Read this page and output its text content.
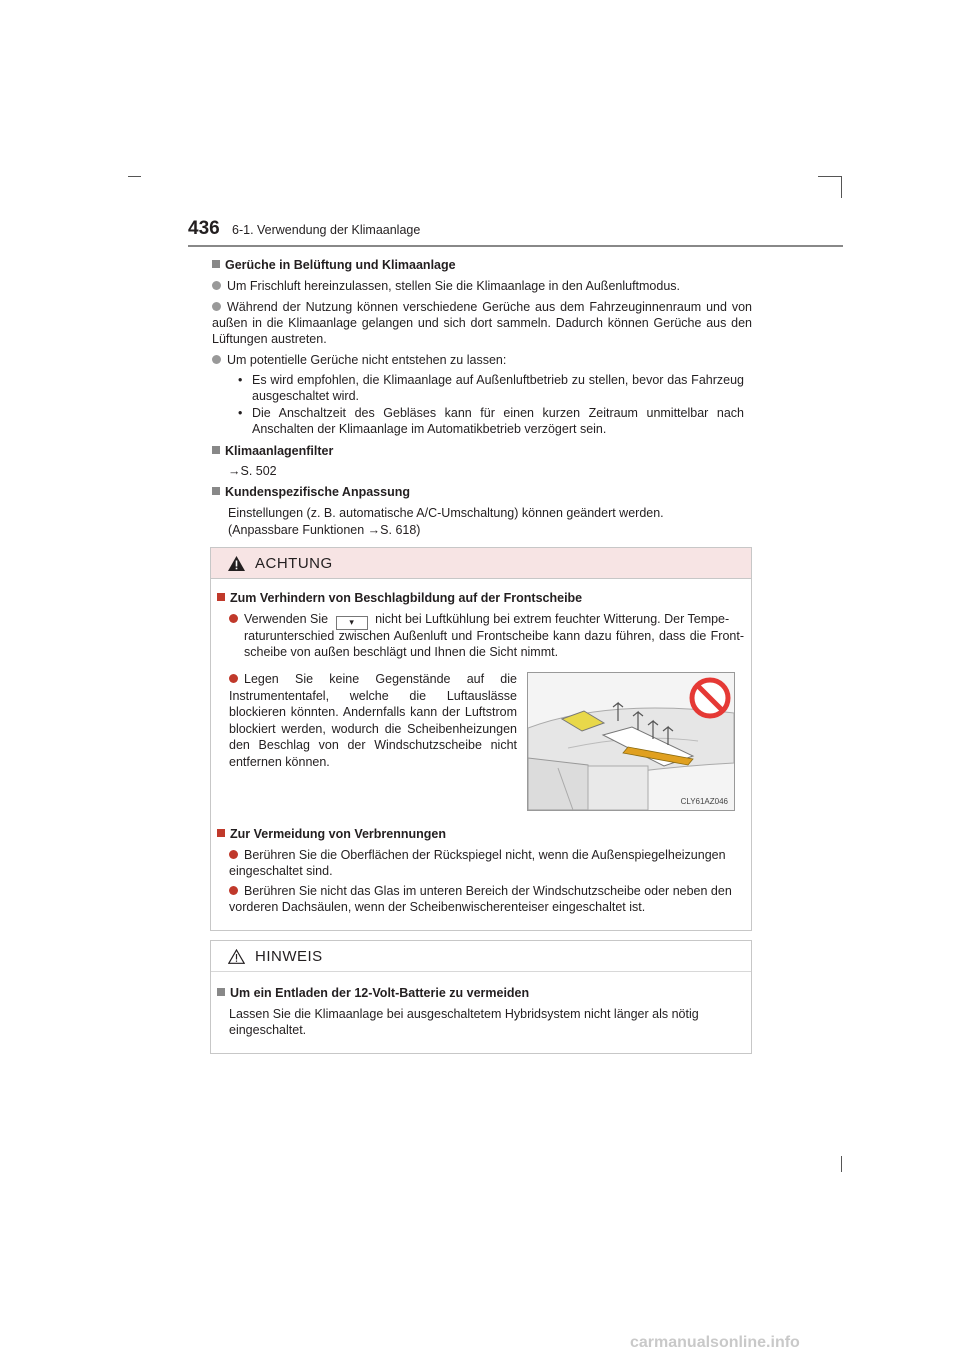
436 6-1. Verwendung der Klimaanlage
Gerüche in Belüftung und Klimaanlage
Um Frischluft hereinzulassen, stellen Sie die Klimaanlage in den Außenluftmodus.
Während der Nutzung können verschiedene Gerüche aus dem Fahrzeuginnenraum und von außen in die Klimaanlage gelangen und sich dort sammeln. Dadurch können Gerüche aus den Lüftungen austreten.
Um potentielle Gerüche nicht entstehen zu lassen:
• Es wird empfohlen, die Klimaanlage auf Außenluftbetrieb zu stellen, bevor das Fahrzeug ausgeschaltet wird.
• Die Anschaltzeit des Gebläses kann für einen kurzen Zeitraum unmittelbar nach Anschalten der Klimaanlage im Automatikbetrieb verzögert sein.
Klimaanlagenfilter
→S. 502
Kundenspezifische Anpassung
Einstellungen (z. B. automatische A/C-Umschaltung) können geändert werden.
(Anpassbare Funktionen →S. 618)
ACHTUNG
Zum Verhindern von Beschlagbildung auf der Frontscheibe
Verwenden Sie ▾ nicht bei Luftkühlung bei extrem feuchter Witterung. Der Tempe-
raturunterschied zwischen Außenluft und Frontscheibe kann dazu führen, dass die Front-scheibe von außen beschlägt und Ihnen die Sicht nimmt.
Legen Sie keine Gegenstände auf die Instrumententafel, welche die Luftauslässe blockieren könnten. Andernfalls kann der Luftstrom blockiert werden, wodurch die Scheibenheizungen den Beschlag von der Windschutzscheibe nicht entfernen können.
CLY61AZ046
Zur Vermeidung von Verbrennungen
Berühren Sie die Oberflächen der Rückspiegel nicht, wenn die Außenspiegelheizungen eingeschaltet sind.
Berühren Sie nicht das Glas im unteren Bereich der Windschutzscheibe oder neben den vorderen Dachsäulen, wenn der Scheibenwischerenteiser eingeschaltet ist.
HINWEIS
Um ein Entladen der 12-Volt-Batterie zu vermeiden
Lassen Sie die Klimaanlage bei ausgeschaltetem Hybridsystem nicht länger als nötig eingeschaltet.
carmanualsonline.info
